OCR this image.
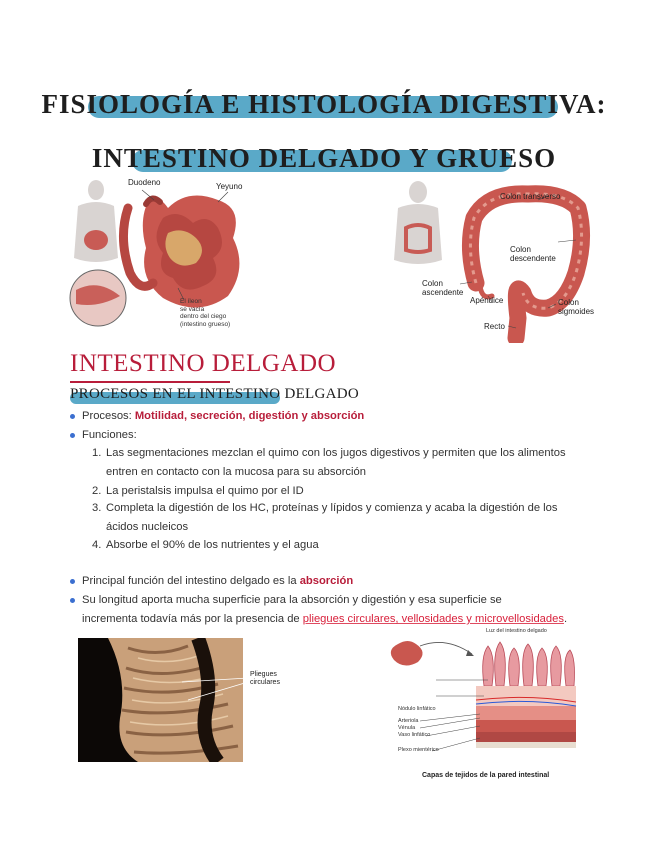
FISIOLOGÍA E HISTOLOGÍA DIGESTIVA:
INTESTINO DELGADO Y GRUESO
Duodeno	Yeyuno
El íleon
se vacía
dentro del ciego
(intestino grueso)
Colon transverso
Colon
descendente
Colon
ascendente
Apéndice	Colon
sigmoides
Recto
INTESTINO DELGADO
PROCESOS EN EL INTESTINO DELGADO
Procesos: Motilidad, secreción, digestión y absorción
Funciones:
1. Las segmentaciones mezclan el quimo con los jugos digestivos y permiten que los alimentos entren en contacto con la mucosa para su absorción
2. La peristalsis impulsa el quimo por el ID
3. Completa la digestión de los HC, proteínas y lípidos y comienza y acaba la digestión de los ácidos nucleicos
4. Absorbe el 90% de los nutrientes y el agua
Principal función del intestino delgado es la absorción
Su longitud aporta mucha superficie para la absorción y digestión y esa superficie se
incrementa todavía más por la presencia de pliegues circulares, vellosidades y microvellosidades.
Pliegues
circulares
Luz del intestino delgado
Nódulo linfático
Arteriola
Vénula
Vaso linfático
Plexo mientérico
Capas de tejidos de la pared intestinal
